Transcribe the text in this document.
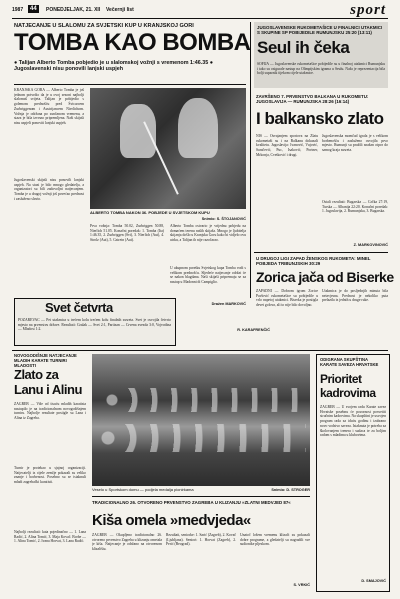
1987	44	PONEDJELJAK, 21. XII Večernji list	sport
NATJECANJE U SLALOMU ZA SVJETSKI KUP U KRANJSKOJ GORI
TOMBA KAO BOMBA
● Talijan Alberto Tomba pobjedio je u slalomskoj vožnji s vremenom 1:46.35 ● Jugoslavenski nisu ponovili lanjski uspjeh
KRANJSKA GORA — Alberto Tomba je još jednom potvrdio da je u ovoj sezoni najbolji slalomaš svijeta. Talijan je pobijedio s golemom prednošću pred Švicarcem Zurbriggenom i Austrijancem Nierlichom. Vožnja je održana po sunčanom vremenu, a staza je bila izvrsno pripremljena. Naši skijaši nisu uspjeli ponoviti lanjski uspjeh.
Jugoslavenski skijaši nisu ponovili lanjski uspjeh. Na stazi je bilo mnogo gledatelja, a organizatori su bili zadovoljni natjecanjem. Tomba je u drugoj vožnji još povećao prednost i zasluženo slavio.
ALBERTO TOMBA NAKON 36. POBJEDE U SVJETSKOM KUPU
Snimio: S. ŠTOJANOVIĆ
Prva vožnja: Tomba 50.02, Zurbriggen 50.88, Nierlich 51.05. Konačni poredak: 1. Tomba (Ita) 1:46.35, 2. Zurbriggen (Švi), 3. Nierlich (Aut), 4. Strolz (Aut), 5. Gstrein (Aut).
Alberto Tomba ostvario je vrijednu pobjedu na domaćem terenu naših skijaša. Mnogo je ljubitelja skijanja došlo u Kranjsku Goru kako bi vidjelo ovu utrku, a Talijan ih nije razočarao.
U ukupnom poretku Svjetskog kupa Tomba vodi s velikom prednošću. Sljedeće natjecanje održat će se nakon blagdana. Naši skijaši pripremaju se za nastup u Madonni di Campiglio.
Dražen MARKOVIĆ
JUGOSLAVENSKE RUKOMETAŠICE U FINALNICI UTAKMICI S SKUPINE SP POBIJEDILE RUMUNJSKU 25:20 (13:11)
Seul ih čeka
SOFIJA — Jugoslavenske rukometašice pobijedile su u finalnoj utakmici Rumunjsku i tako su osigurale nastup na Olimpijskim igrama u Seulu. Naša je reprezentacija bila bolji suparnik tijekom cijele utakmice.
ZAVRŠENO 7. PRVENSTVO BALKANA U RUKOMETU: JUGOSLAVIJA — RUMUNJSKA 28:26 (16:14)
I balkansko zlato
NIŠ — Osvajanjem sportova na Zlatu rukometaši su i na Balkanu dokazali kvalitetu. Jugoslavija: Ivanović, Vujović, Saračević, Puc, Isaković, Portner, Mrkonja, Cvetković i drugi.
Jugoslavenska momčad igrala je s velikom borbenošću i zasluženo osvojila prvo mjesto. Rumunji su pružili snažan otpor do samog kraja susreta.
Ostali rezultati: Bugarska — Grčka 27:19, Turska — Albanija 22:20. Konačni poredak: 1. Jugoslavija, 2. Rumunjska, 3. Bugarska.
Z. MARKOVINOVIĆ
U DRUGOJ LIGI ZAPAD ŽENSKOG RUKOMETA: MINEL POBJEDA TRIBUNJSKIH 30:29
Zorica jača od Biserke
ZAPADNI — Dobrom igrom Zorice Pavlović rukometašice su pobijedile u vrlo napetoj utakmici. Biserka je postigla devet golova, ali to nije bilo dovoljno.
Utakmica je do posljednjih minuta bila neizvjesna. Prednost je nekoliko puta prelazila iz jednih u druge ruke.
R. KARAFRENČIĆ
Svet četvrta
POŽAREVAC — Pet utakmica u trećem kolu trećem kolu finalnih susreta. Svet je osvojila četvrto mjesto na prvenstvu države. Rezultati: Gralak — Svet 2:1, Partizan — Crvena zvezda 3:0, Vojvodina — Mladost 1:2.
NOVOGODIŠNJE NATJECANJE MLADIH KARATE TURNIRI MLADOSTI
Zlato za Lanu i Alinu
ZAGREB — Više od tisuću mladih karatista nastupilo je na tradicionalnom novogodišnjem turniru. Najbolje rezultate postigle su Lana i Alina iz Zagreba.
Turnir je protekao u sjajnoj organizaciji. Natjecatelji iz cijele zemlje pokazali su veliko znanje i borbenost. Posebno su se istaknuli mladi zagrebački karatisti.
Najbolji rezultati: kata pojedinačno — 1. Lana Radić, 2. Alina Tomić, 3. Maja Kovač. Borbe — 1. Alina Tomić, 2. Ivana Horvat, 3. Lana Radić.
Veselo u Sportskom domu — podjela medalja pionirkama	Snimio: D. STROGER
TRADICIONALNO 26. OTVORENO PRVENSTVO ZAGREBA U KLIZANJU »ZLATNI MEDVJED 87«
Kiša omela »medvjeda«
ZAGREB — Okupljeno tradicionalno 26. otvoreno prvenstvo Zagreba u klizanju ometala je kiša. Natjecanje je održano na otvorenom klizalištu.
Rezultati, seniorke: 1. Šarić (Zagreb), 2. Kovač (Ljubljana). Seniori: 1. Horvat (Zagreb), 2. Perić (Beograd).
Unatoč lošem vremenu klizači su pokazali dobre programe, a gledatelji su nagradili sve sudionike pljeskom.
S. VRKIĆ
ODIGRANA SKUPŠTINA KARATE SAVEZA HRVATSKE
Prioritet kadrovima
ZAGREB — U svojem radu Karate savez Hrvatske posebnu će pozornost posvetiti stručnim kadrovima. Na skupštini je usvojen program rada za iduću godinu i izabrano novo vodstvo saveza. Istaknuta je potreba za školovanjem trenera i sudaca te za boljim radom s mladima u klubovima.
D. SMAJOVIĆ
